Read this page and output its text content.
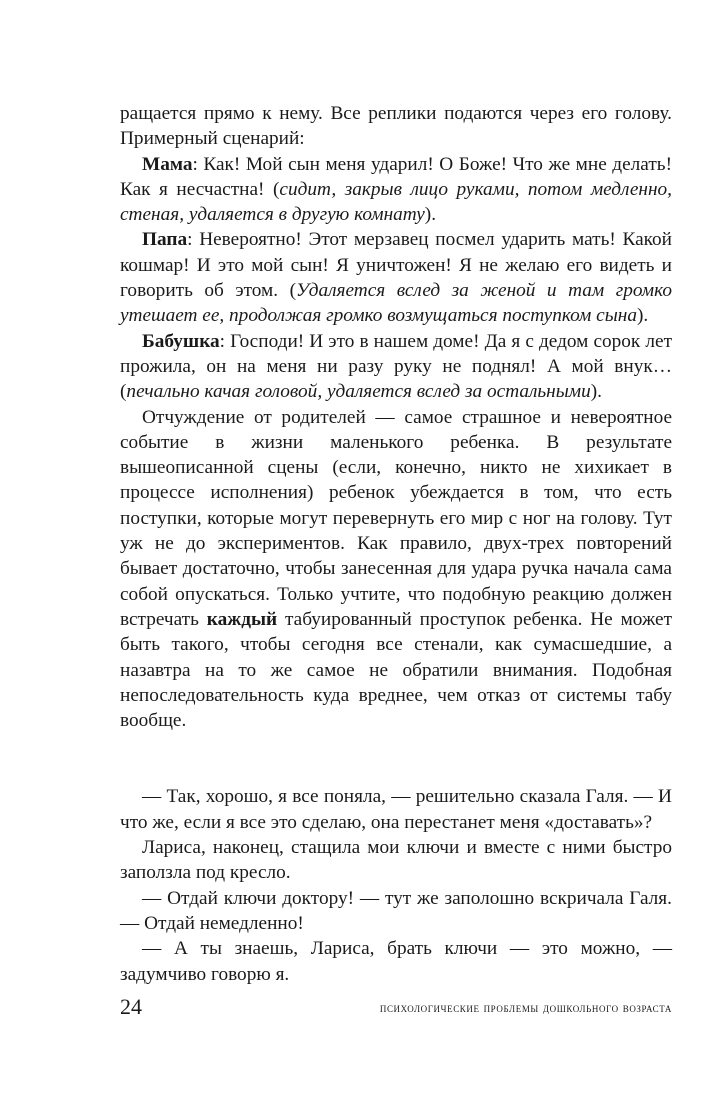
ращается прямо к нему. Все реплики подаются через его голову. Примерный сценарий:

Мама: Как! Мой сын меня ударил! О Боже! Что же мне делать! Как я несчастна! (сидит, закрыв лицо руками, потом медленно, стеная, удаляется в другую комнату).

Папа: Невероятно! Этот мерзавец посмел ударить мать! Какой кошмар! И это мой сын! Я уничтожен! Я не желаю его видеть и говорить об этом. (Удаляется вслед за женой и там громко утешает ее, продолжая громко возмущаться поступком сына).

Бабушка: Господи! И это в нашем доме! Да я с дедом сорок лет прожила, он на меня ни разу руку не поднял! А мой внук… (печально качая головой, удаляется вслед за остальными).

Отчуждение от родителей — самое страшное и невероятное событие в жизни маленького ребенка. В результате вышеописанной сцены (если, конечно, никто не хихикает в процессе исполнения) ребенок убеждается в том, что есть поступки, которые могут перевернуть его мир с ног на голову. Тут уж не до экспериментов. Как правило, двух-трех повторений бывает достаточно, чтобы занесенная для удара ручка начала сама собой опускаться. Только учтите, что подобную реакцию должен встречать каждый табуированный проступок ребенка. Не может быть такого, чтобы сегодня все стенали, как сумасшедшие, а назавтра на то же самое не обратили внимания. Подобная непоследовательность куда вреднее, чем отказ от системы табу вообще.

— Так, хорошо, я все поняла, — решительно сказала Галя. — И что же, если я все это сделаю, она перестанет меня «доставать»?

Лариса, наконец, стащила мои ключи и вместе с ними быстро заползла под кресло.

— Отдай ключи доктору! — тут же заполошно вскричала Галя. — Отдай немедленно!

— А ты знаешь, Лариса, брать ключи — это можно, — задумчиво говорю я.

24	психологические проблемы дошкольного возраста
